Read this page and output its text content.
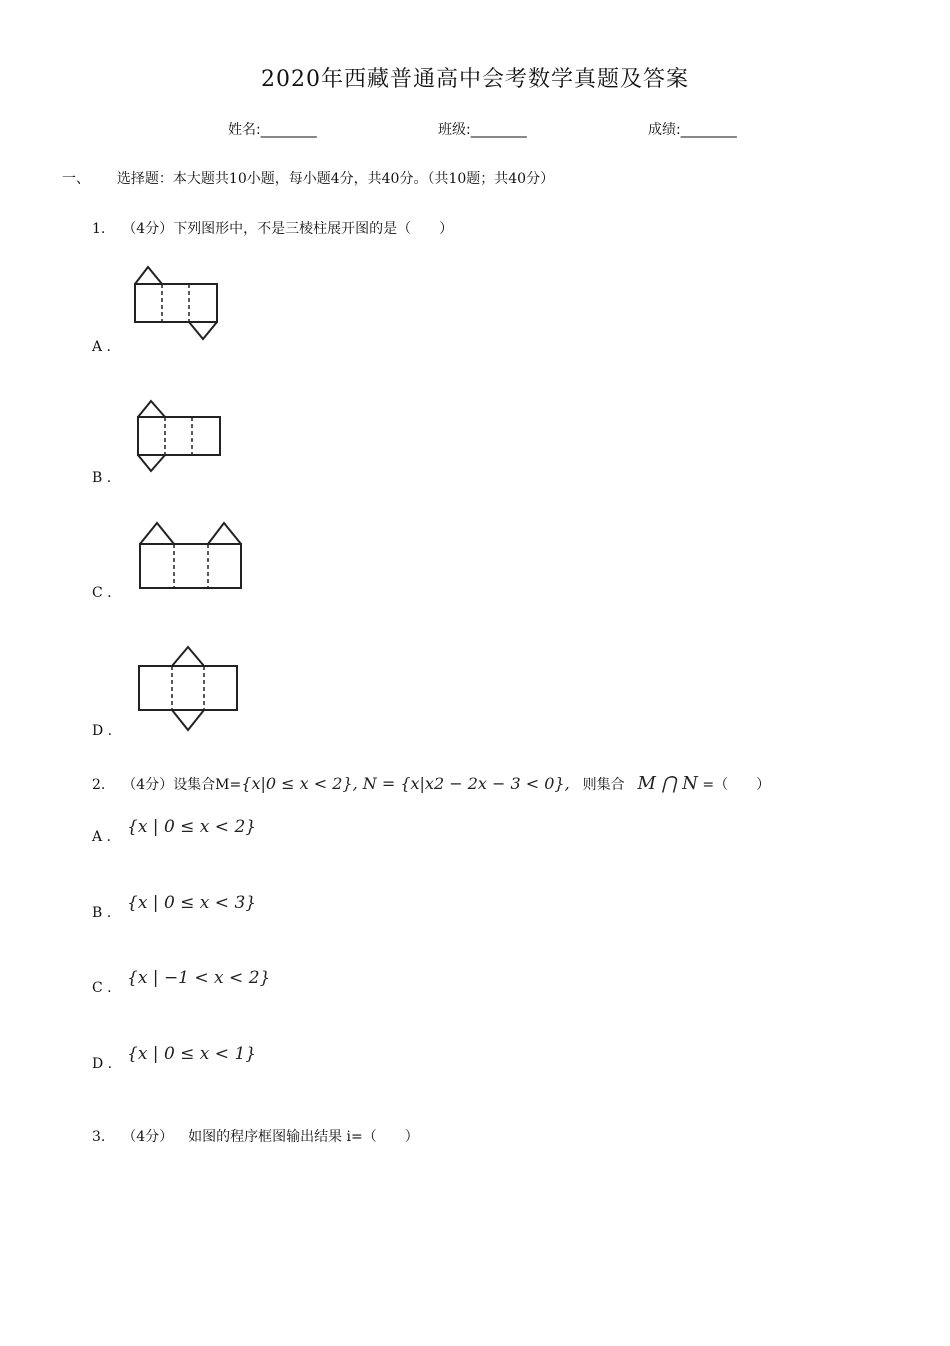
2020年西藏普通高中会考数学真题及答案
姓名:________	班级:________	成绩:________
一、 选择题：本大题共10小题，每小题4分，共40分。（共10题；共40分）
1. （4分）下列图形中，不是三棱柱展开图的是（　　）
A .
B .
C .
D .
2. （4分）设集合M={x|0 ≤ x < 2}, N = {x|x2 − 2x − 3 < 0}, 则集合 M ⋂ N =（　　）
A . {x | 0 ≤ x < 2}
B . {x | 0 ≤ x < 3}
C . {x | −1 < x < 2}
D . {x | 0 ≤ x < 1}
3. （4分） 如图的程序框图输出结果 i=（　　）
